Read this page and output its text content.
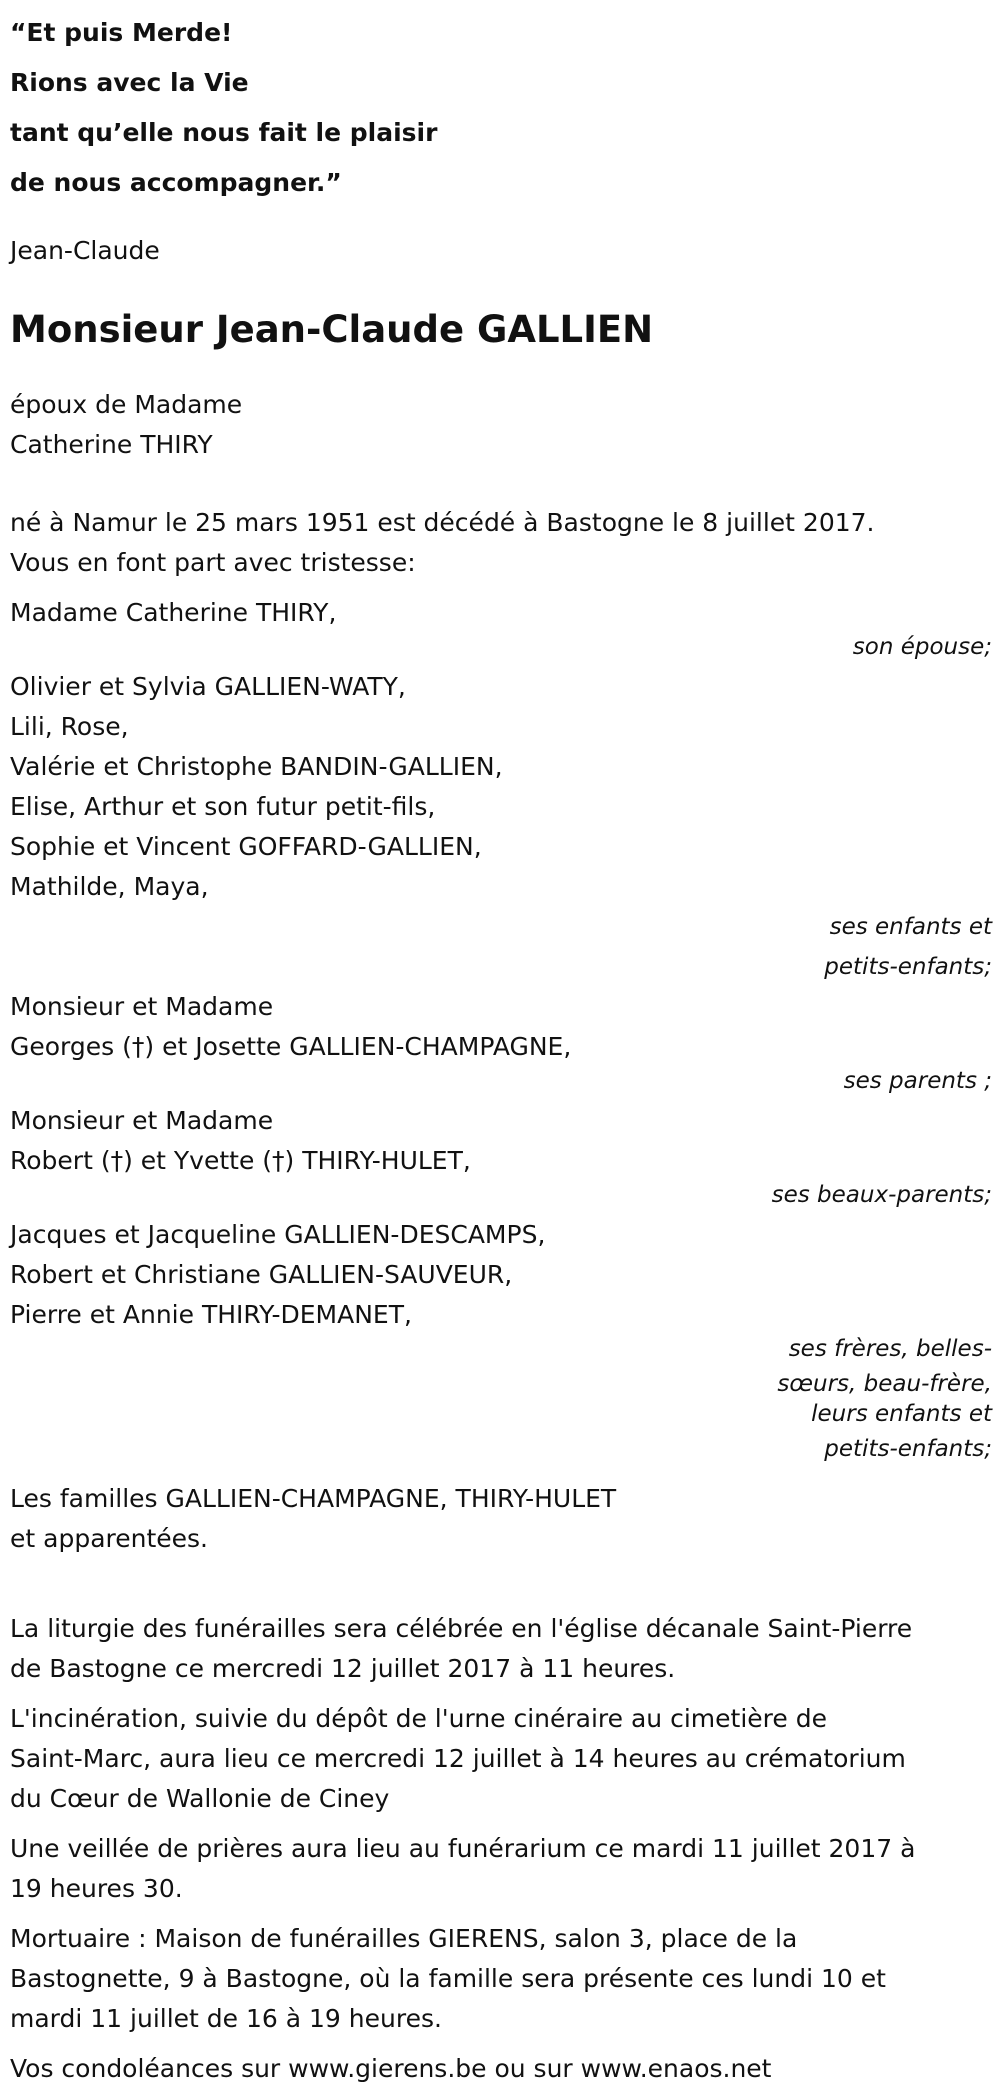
“Et puis Merde!
Rions avec la Vie
tant qu’elle nous fait le plaisir
de nous accompagner.”
Jean-Claude
Monsieur Jean-Claude GALLIEN
époux de Madame
Catherine THIRY
né à Namur le 25 mars 1951 est décédé à Bastogne le 8 juillet 2017.
Vous en font part avec tristesse:
Madame Catherine THIRY,
son épouse;
Olivier et Sylvia GALLIEN-WATY,
Lili, Rose,
Valérie et Christophe BANDIN-GALLIEN,
Elise, Arthur et son futur petit-fils,
Sophie et Vincent GOFFARD-GALLIEN,
Mathilde, Maya,
ses enfants et
petits-enfants;
Monsieur et Madame
Georges (†) et Josette GALLIEN-CHAMPAGNE,
ses parents ;
Monsieur et Madame
Robert (†) et Yvette (†) THIRY-HULET,
ses beaux-parents;
Jacques et Jacqueline GALLIEN-DESCAMPS,
Robert et Christiane GALLIEN-SAUVEUR,
Pierre et Annie THIRY-DEMANET,
ses frères, belles-
sœurs, beau-frère,
leurs enfants et
petits-enfants;
Les familles GALLIEN-CHAMPAGNE, THIRY-HULET
et apparentées.
La liturgie des funérailles sera célébrée en l'église décanale Saint-Pierre
de Bastogne ce mercredi 12 juillet 2017 à 11 heures.
L'incinération, suivie du dépôt de l'urne cinéraire au cimetière de
Saint-Marc, aura lieu ce mercredi 12 juillet à 14 heures au crématorium
du Cœur de Wallonie de Ciney
Une veillée de prières aura lieu au funérarium ce mardi 11 juillet 2017 à
19 heures 30.
Mortuaire : Maison de funérailles GIERENS, salon 3, place de la
Bastognette, 9 à Bastogne, où la famille sera présente ces lundi 10 et
mardi 11 juillet de 16 à 19 heures.
Vos condoléances sur www.gierens.be ou sur www.enaos.net
